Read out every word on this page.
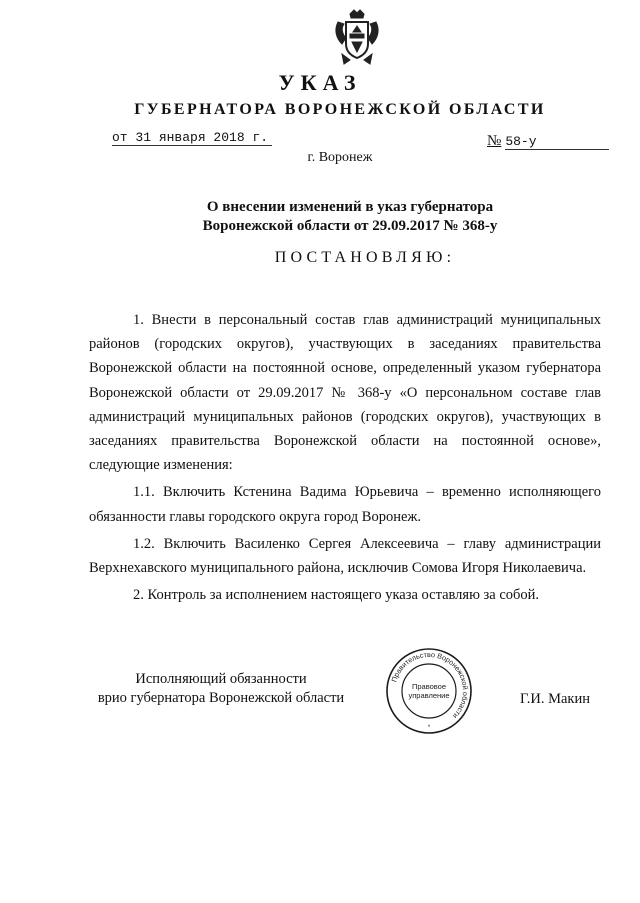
УКАЗ
ГУБЕРНАТОРА ВОРОНЕЖСКОЙ ОБЛАСТИ
от 31 января 2018 г.	№ 58-у
г. Воронеж
О внесении изменений в указ губернатора
Воронежской области от 29.09.2017 № 368-у
ПОСТАНОВЛЯЮ:

1. Внести в персональный состав глав администраций муниципальных районов (городских округов), участвующих в заседаниях правительства Воронежской области на постоянной основе, определенный указом губернатора Воронежской области от 29.09.2017 № 368-у «О персональном составе глав администраций муниципальных районов (городских округов), участвующих в заседаниях правительства Воронежской области на постоянной основе», следующие изменения:

1.1. Включить Кстенина Вадима Юрьевича – временно исполняющего обязанности главы городского округа город Воронеж.

1.2. Включить Василенко Сергея Алексеевича – главу администрации Верхнехавского муниципального района, исключив Сомова Игоря Николаевича.

2. Контроль за исполнением настоящего указа оставляю за собой.

Исполняющий обязанности
врио губернатора Воронежской области
Правительство Воронежской области
Правовое
управление
*
Г.И. Макин
